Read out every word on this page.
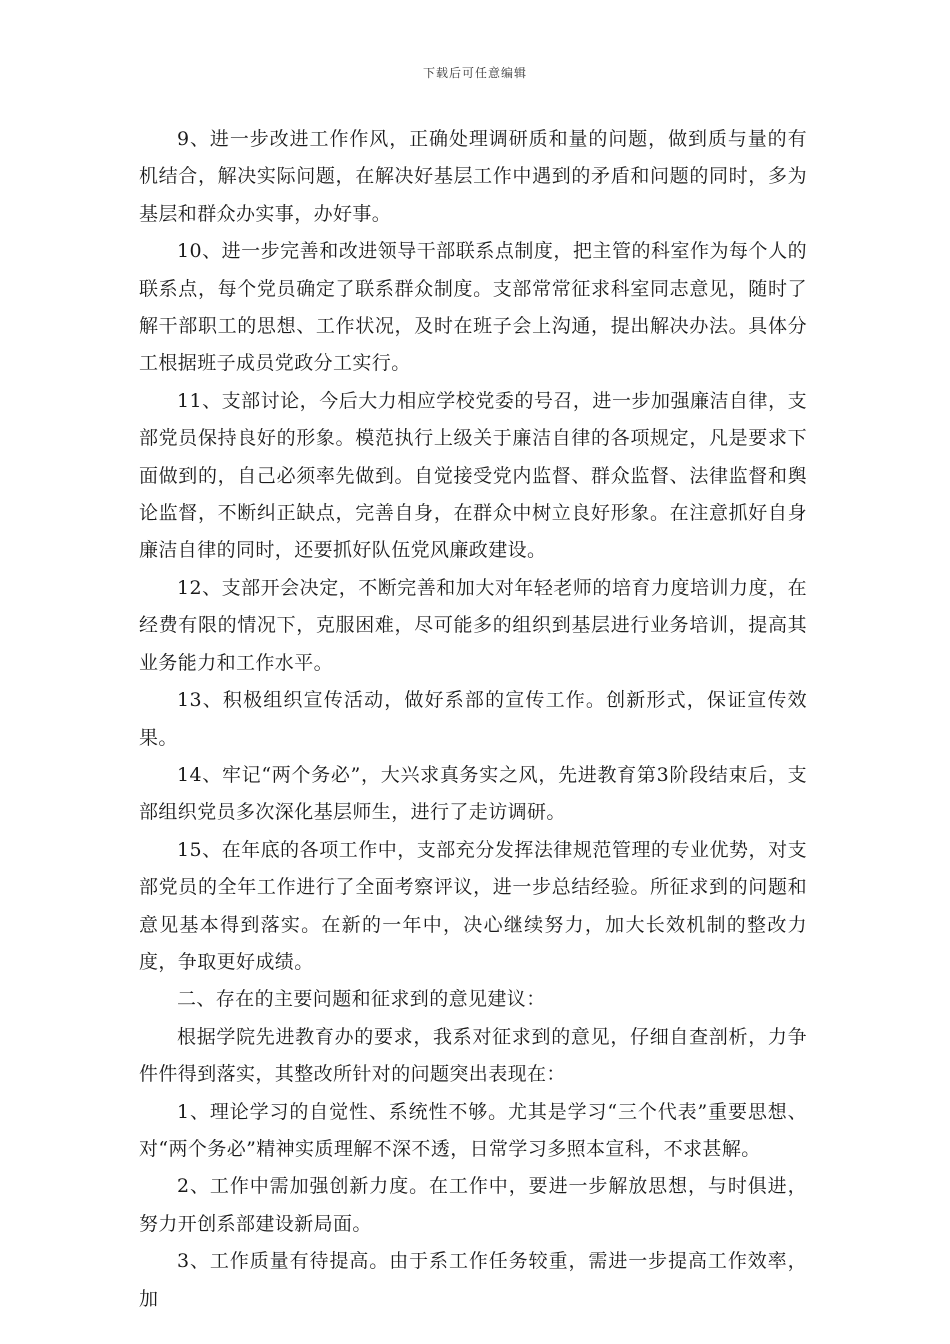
下载后可任意编辑

9、进一步改进工作作风，正确处理调研质和量的问题，做到质与量的有机结合，解决实际问题，在解决好基层工作中遇到的矛盾和问题的同时，多为基层和群众办实事，办好事。

10、进一步完善和改进领导干部联系点制度，把主管的科室作为每个人的联系点，每个党员确定了联系群众制度。支部常常征求科室同志意见，随时了解干部职工的思想、工作状况，及时在班子会上沟通，提出解决办法。具体分工根据班子成员党政分工实行。

11、支部讨论，今后大力相应学校党委的号召，进一步加强廉洁自律，支部党员保持良好的形象。模范执行上级关于廉洁自律的各项规定，凡是要求下面做到的，自己必须率先做到。自觉接受党内监督、群众监督、法律监督和舆论监督，不断纠正缺点，完善自身，在群众中树立良好形象。在注意抓好自身廉洁自律的同时，还要抓好队伍党风廉政建设。

12、支部开会决定，不断完善和加大对年轻老师的培育力度培训力度，在经费有限的情况下，克服困难，尽可能多的组织到基层进行业务培训，提高其业务能力和工作水平。

13、积极组织宣传活动，做好系部的宣传工作。创新形式，保证宣传效果。

14、牢记“两个务必”，大兴求真务实之风，先进教育第3阶段结束后，支部组织党员多次深化基层师生，进行了走访调研。

15、在年底的各项工作中，支部充分发挥法律规范管理的专业优势，对支部党员的全年工作进行了全面考察评议，进一步总结经验。所征求到的问题和意见基本得到落实。在新的一年中，决心继续努力，加大长效机制的整改力度，争取更好成绩。

二、存在的主要问题和征求到的意见建议：

根据学院先进教育办的要求，我系对征求到的意见，仔细自查剖析，力争件件得到落实，其整改所针对的问题突出表现在：

1、理论学习的自觉性、系统性不够。尤其是学习“三个代表”重要思想、对“两个务必”精神实质理解不深不透，日常学习多照本宣科，不求甚解。

2、工作中需加强创新力度。在工作中，要进一步解放思想，与时俱进，努力开创系部建设新局面。

3、工作质量有待提高。由于系工作任务较重，需进一步提高工作效率，加
